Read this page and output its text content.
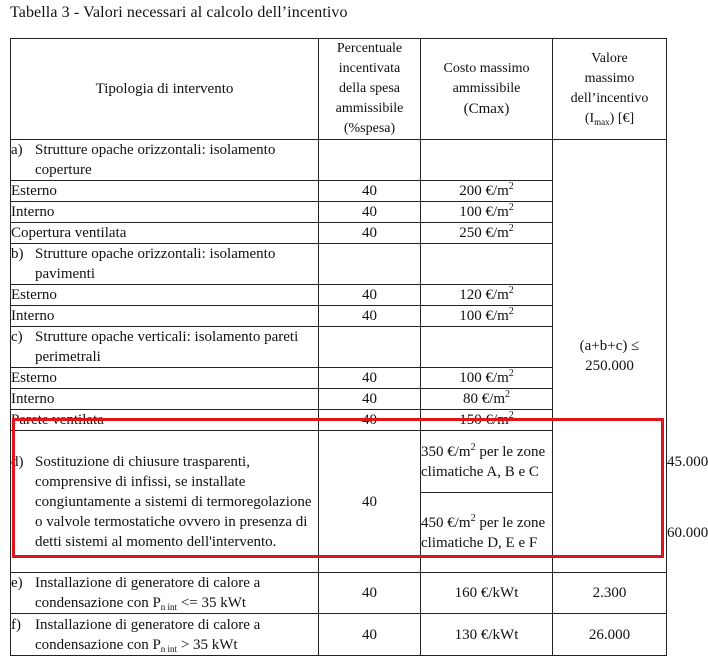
Tabella 3 - Valori necessari al calcolo dell’incentivo
Tipologia di intervento	Percentuale
incentivata
della spesa
ammissibile
(%spesa)	Costo massimo
ammissibile
(Cmax)	Valore
massimo
dell’incentivo
$(I_{max})$ [€]	

a) Strutture opache orizzontali: isolamento coperture			(a+b+c) ≤
250.000	

Esterno	40	200 $€/m^2$
Interno	40	100 $€/m^2$
Copertura ventilata	40	250 $€/m^2$

b) Strutture opache orizzontali: isolamento pavimenti				

Esterno	40	120 $€/m^2$
Interno	40	100 $€/m^2$

c) Strutture opache verticali: isolamento pareti perimetrali				

Esterno	40	100 $€/m^2$
Interno	40	80 $€/m^2$
Parete ventilata	40	150 $€/m^2$

d) Sostituzione di chiusure trasparenti, comprensive di infissi, se installate congiuntamente a sistemi di termoregolazione o valvole termostatiche ovvero in presenza di detti sistemi al momento dell'intervento.	40	350 $€/m^2$ per le zone climatiche A, B e C		45.000
		450 $€/m^2$ per le zone climatiche D, E e F		60.000

e) Installazione di generatore di calore a condensazione con $P_{n int} <= 35$ kWt	40	160 €/kWt	2.300	

f) Installazione di generatore di calore a condensazione con $P_{n int} > 35$ kWt	40	130 €/kWt	26.000	
